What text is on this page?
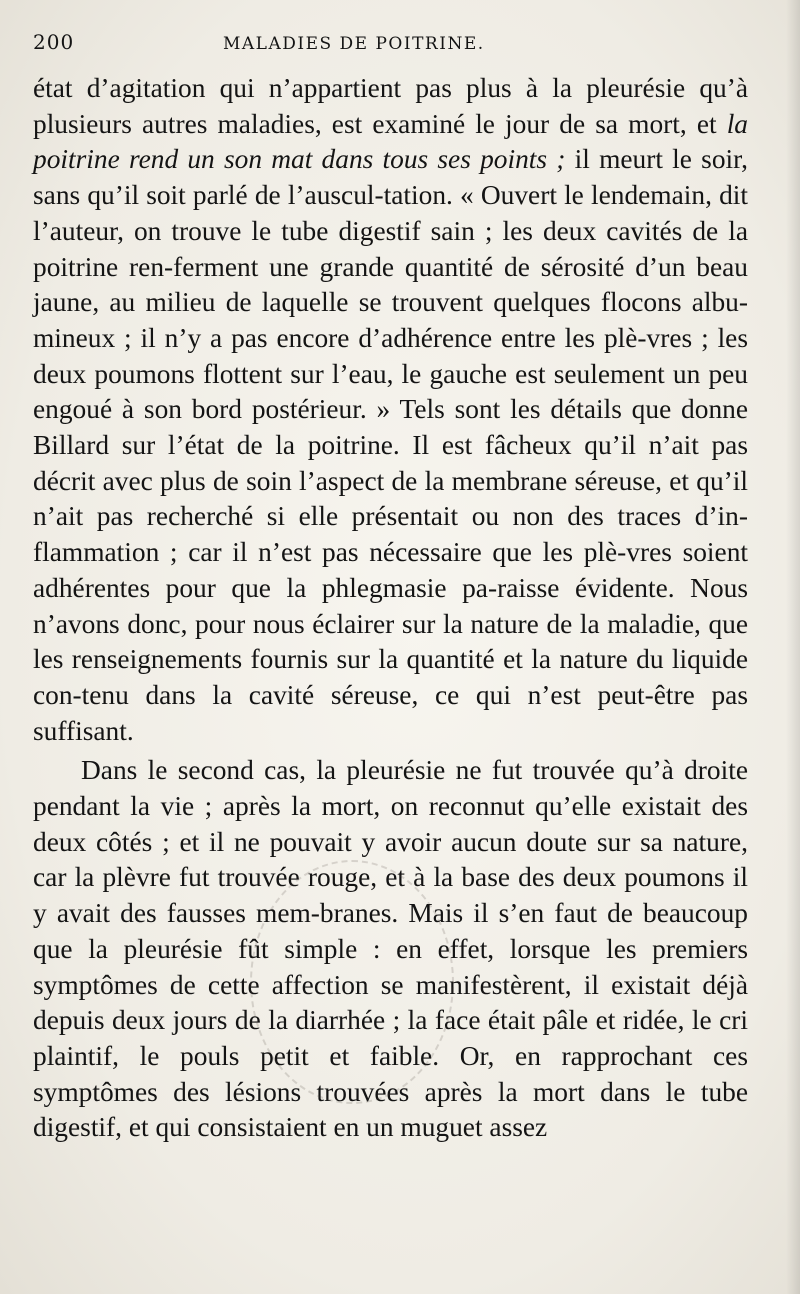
200	MALADIES DE POITRINE.

état d’agitation qui n’appartient pas plus à la pleurésie qu’à plusieurs autres maladies, est examiné le jour de sa mort, et la poitrine rend un son mat dans tous ses points ; il meurt le soir, sans qu’il soit parlé de l’auscul-tation. « Ouvert le lendemain, dit l’auteur, on trouve le tube digestif sain ; les deux cavités de la poitrine ren-ferment une grande quantité de sérosité d’un beau jaune, au milieu de laquelle se trouvent quelques flocons albu-mineux ; il n’y a pas encore d’adhérence entre les plè-vres ; les deux poumons flottent sur l’eau, le gauche est seulement un peu engoué à son bord postérieur. » Tels sont les détails que donne Billard sur l’état de la poitrine. Il est fâcheux qu’il n’ait pas décrit avec plus de soin l’aspect de la membrane séreuse, et qu’il n’ait pas recherché si elle présentait ou non des traces d’in-flammation ; car il n’est pas nécessaire que les plè-vres soient adhérentes pour que la phlegmasie pa-raisse évidente. Nous n’avons donc, pour nous éclairer sur la nature de la maladie, que les renseignements fournis sur la quantité et la nature du liquide con-tenu dans la cavité séreuse, ce qui n’est peut-être pas suffisant.

Dans le second cas, la pleurésie ne fut trouvée qu’à droite pendant la vie ; après la mort, on reconnut qu’elle existait des deux côtés ; et il ne pouvait y avoir aucun doute sur sa nature, car la plèvre fut trouvée rouge, et à la base des deux poumons il y avait des fausses mem-branes. Mais il s’en faut de beaucoup que la pleurésie fût simple : en effet, lorsque les premiers symptômes de cette affection se manifestèrent, il existait déjà depuis deux jours de la diarrhée ; la face était pâle et ridée, le cri plaintif, le pouls petit et faible. Or, en rapprochant ces symptômes des lésions trouvées après la mort dans le tube digestif, et qui consistaient en un muguet assez
